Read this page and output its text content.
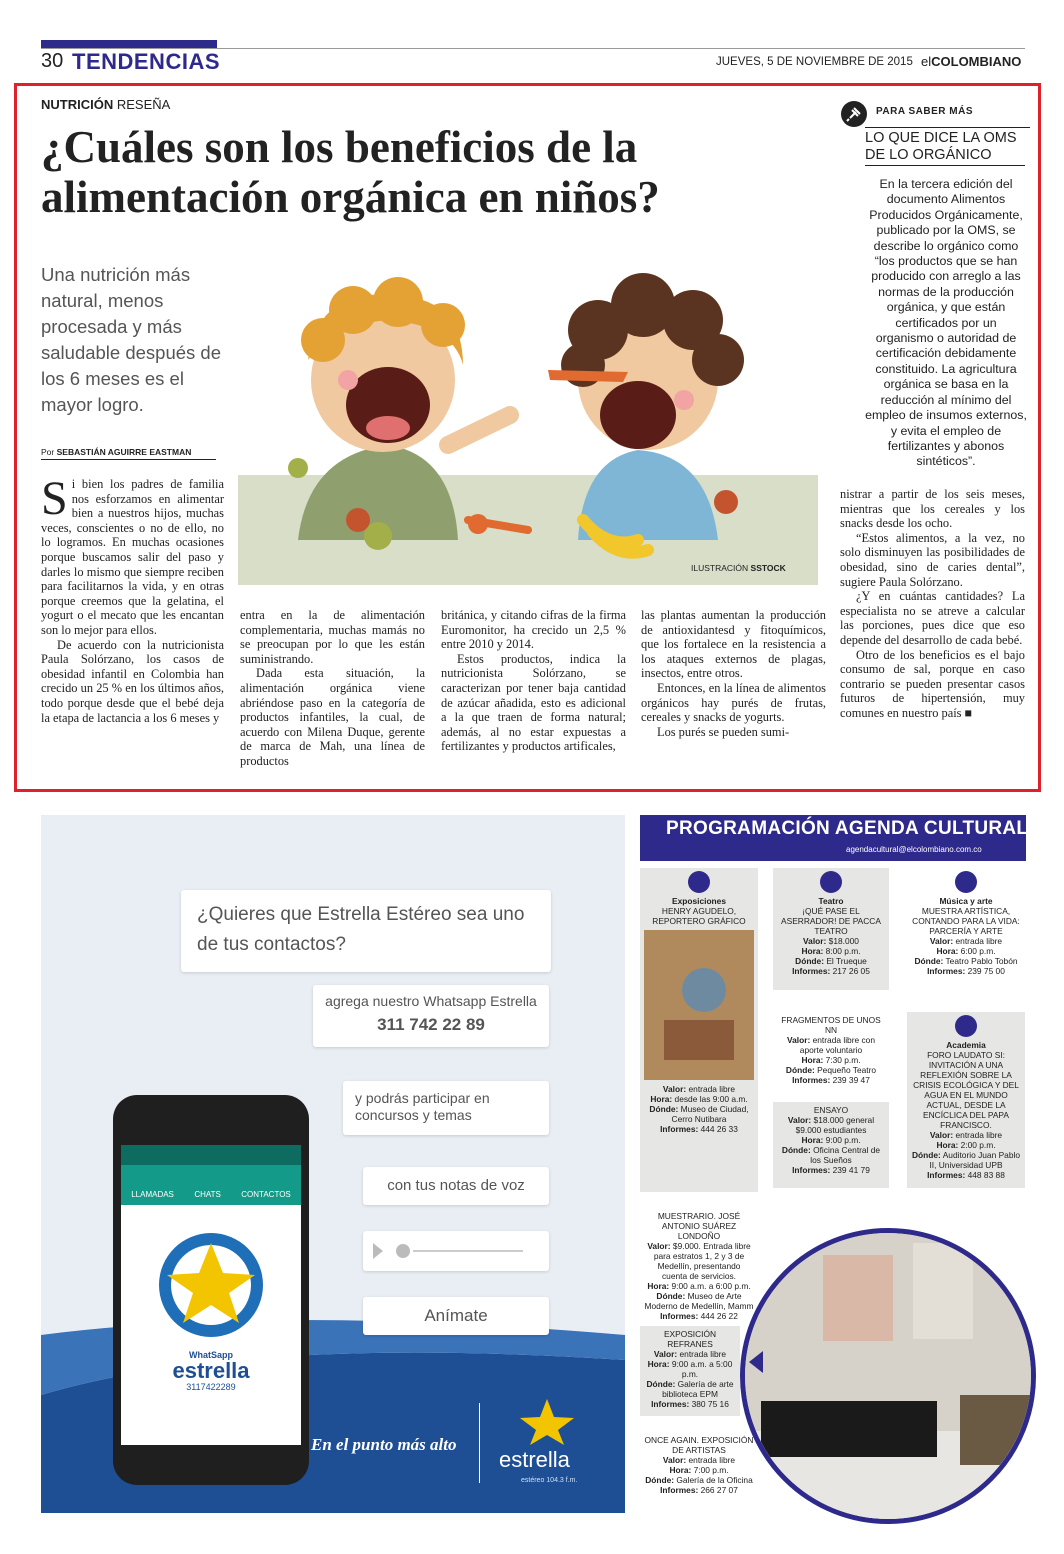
30 TENDENCIAS	JUEVES, 5 DE NOVIEMBRE DE 2015 elCOLOMBIANO
NUTRICIÓN RESEÑA
¿Cuáles son los beneficios de la alimentación orgánica en niños?
Una nutrición más natural, menos procesada y más saludable después de los 6 meses es el mayor logro.
Por SEBASTIÁN AGUIRRE EASTMAN
ILUSTRACIÓN SSTOCK

Si bien los padres de familia nos esforzamos en alimentar bien a nuestros hijos, muchas veces, conscientes o no de ello, no lo logramos. En muchas ocasiones porque buscamos salir del paso y darles lo mismo que siempre reciben para facilitarnos la vida, y en otras porque creemos que la gelatina, el yogurt o el mecato que les encantan son lo mejor para ellos.

De acuerdo con la nutricionista Paula Solórzano, los casos de obesidad infantil en Colombia han crecido un 25 % en los últimos años, todo porque desde que el bebé deja la etapa de lactancia a los 6 meses y

entra en la de alimentación complementaria, muchas mamás no se preocupan por lo que les están suministrando.

Dada esta situación, la alimentación orgánica viene abriéndose paso en la categoría de productos infantiles, la cual, de acuerdo con Milena Duque, gerente de marca de Mah, una línea de productos

británica, y citando cifras de la firma Euromonitor, ha crecido un 2,5 % entre 2010 y 2014.

Estos productos, indica la nutricionista Solórzano, se caracterizan por tener baja cantidad de azúcar añadida, esto es adicional a la que traen de forma natural; además, al no estar expuestas a fertilizantes y productos artificales,

las plantas aumentan la producción de antioxidantesd y fitoquímicos, que los fortalece en la resistencia a los ataques externos de plagas, insectos, entre otros.

Entonces, en la línea de alimentos orgánicos hay purés de frutas, cereales y snacks de yogurts.

Los purés se pueden sumi-

nistrar a partir de los seis meses, mientras que los cereales y los snacks desde los ocho.

“Estos alimentos, a la vez, no solo disminuyen las posibilidades de obesidad, sino de caries dental”, sugiere Paula Solórzano.

¿Y en cuántas cantidades? La especialista no se atreve a calcular las porciones, pues dice que eso depende del desarrollo de cada bebé.

Otro de los beneficios es el bajo consumo de sal, porque en caso contrario se pueden presentar casos futuros de hipertensión, muy comunes en nuestro país ■

PARA SABER MÁS
LO QUE DICE LA OMS DE LO ORGÁNICO
En la tercera edición del documento Alimentos Producidos Orgánicamente, publicado por la OMS, se describe lo orgánico como “los productos que se han producido con arreglo a las normas de la producción orgánica, y que están certificados por un organismo o autoridad de certificación debidamente constituido. La agricultura orgánica se basa en la reducción al mínimo del empleo de insumos externos, y evita el empleo de fertilizantes y abonos sintéticos”.
¿Quieres que Estrella Estéreo sea uno de tus contactos?
agrega nuestro Whatsapp Estrella
311 742 22 89
y podrás participar en concursos y temas
con tus notas de voz
Anímate
LLAMADAS	CHATS	CONTACTOS
WhatSapp
estrella
3117422289
En el punto más alto
estrella
estéreo 104.3 f.m.
PROGRAMACIÓN AGENDA CULTURAL
agendacultural@elcolombiano.com.co
Exposiciones
HENRY AGUDELO, REPORTERO GRÁFICO
Valor: entrada libre
Hora: desde las 9:00 a.m.
Dónde: Museo de Ciudad, Cerro Nutibara
Informes: 444 26 33
Teatro
¡QUÉ PASE EL ASERRADOR! DE PACCA TEATRO
Valor: $18.000
Hora: 8:00 p.m.
Dónde: El Trueque
Informes: 217 26 05
FRAGMENTOS DE UNOS NN
Valor: entrada libre con aporte voluntario
Hora: 7:30 p.m.
Dónde: Pequeño Teatro
Informes: 239 39 47
ENSAYO
Valor: $18.000 general $9.000 estudiantes
Hora: 9:00 p.m.
Dónde: Oficina Central de los Sueños
Informes: 239 41 79
Música y arte
MUESTRA ARTÍSTICA, CONTANDO PARA LA VIDA: PARCERÍA Y ARTE
Valor: entrada libre
Hora: 6:00 p.m.
Dónde: Teatro Pablo Tobón
Informes: 239 75 00
Academia
FORO LAUDATO SI: INVITACIÓN A UNA REFLEXIÓN SOBRE LA CRISIS ECOLÓGICA Y DEL AGUA EN EL MUNDO ACTUAL, DESDE LA ENCÍCLICA DEL PAPA FRANCISCO.
Valor: entrada libre
Hora: 2:00 p.m.
Dónde: Auditorio Juan Pablo II, Universidad UPB
Informes: 448 83 88
MUESTRARIO. JOSÉ ANTONIO SUÁREZ LONDOÑO
Valor: $9.000. Entrada libre para estratos 1, 2 y 3 de Medellín, presentando cuenta de servicios.
Hora: 9:00 a.m. a 6:00 p.m.
Dónde: Museo de Arte Moderno de Medellín, Mamm
Informes: 444 26 22
EXPOSICIÓN REFRANES
Valor: entrada libre
Hora: 9:00 a.m. a 5:00 p.m.
Dónde: Galería de arte biblioteca EPM
Informes: 380 75 16
ONCE AGAIN. EXPOSICIÓN DE ARTISTAS
Valor: entrada libre
Hora: 7:00 p.m.
Dónde: Galería de la Oficina
Informes: 266 27 07
